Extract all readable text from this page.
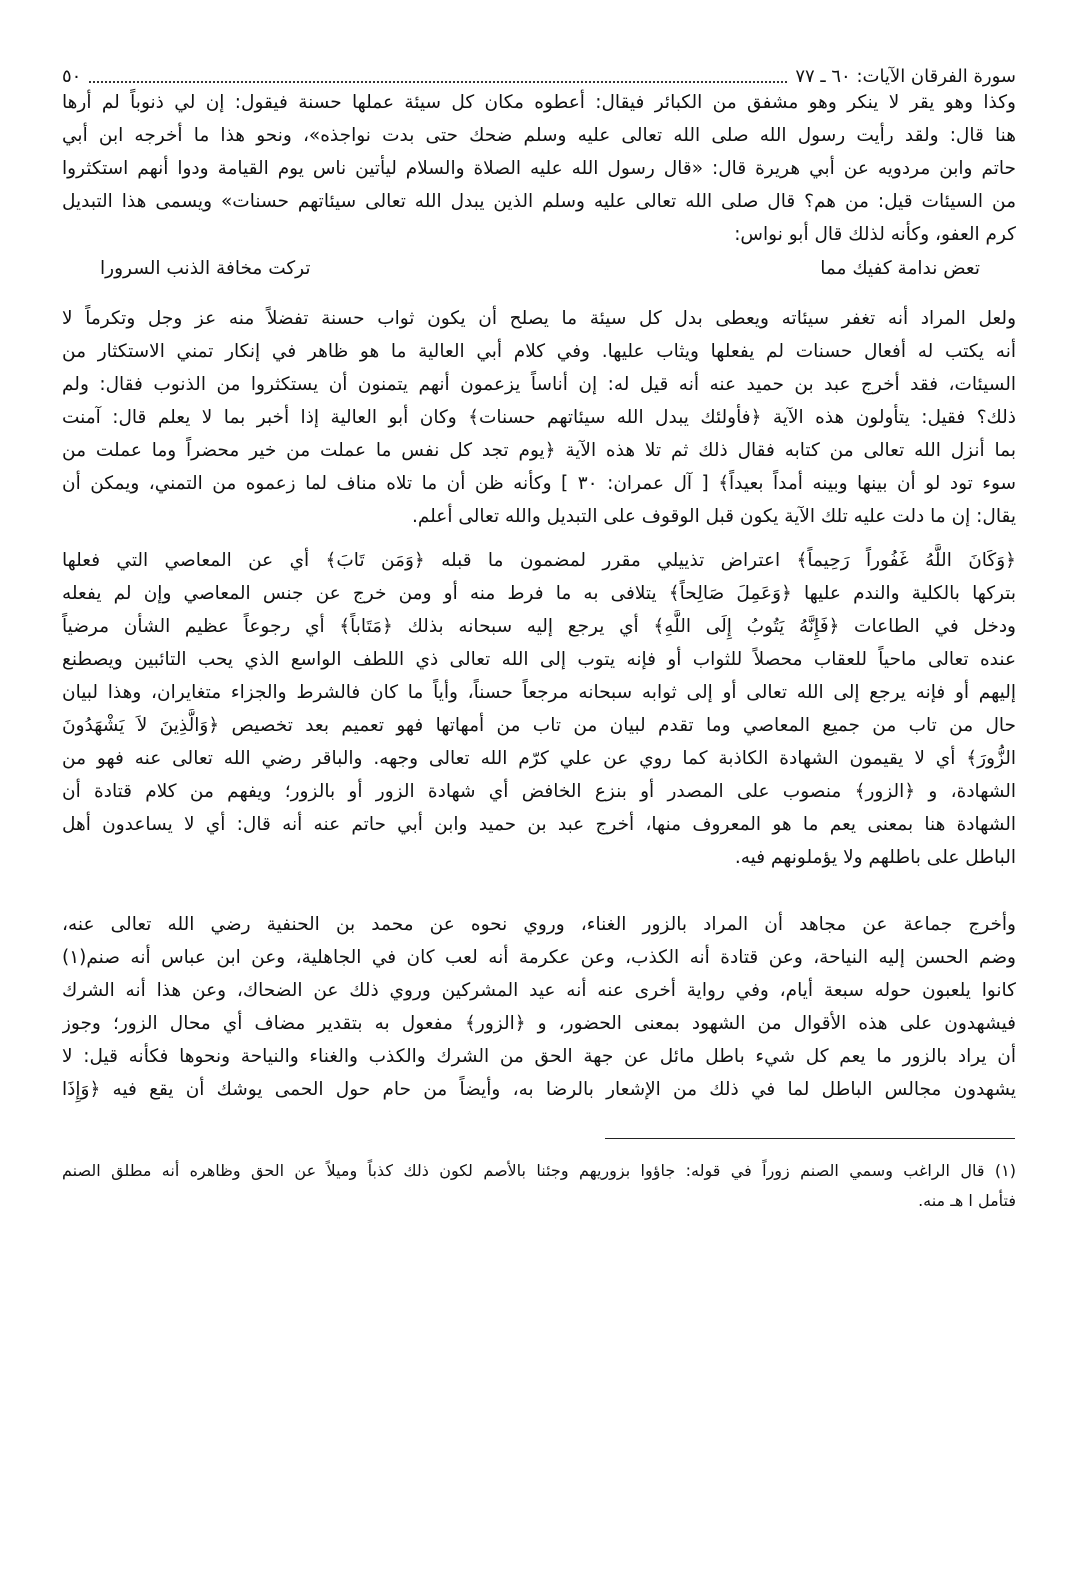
سورة الفرقان الآيات: ٦٠ ـ ٧٧
٥٠
وكذا وهو يقر لا ينكر وهو مشفق من الكبائر فيقال: أعطوه مكان كل سيئة عملها حسنة فيقول: إن لي ذنوباً لم أرها
هنا قال: ولقد رأيت رسول الله صلى الله تعالى عليه وسلم ضحك حتى بدت نواجذه»، ونحو هذا ما أخرجه ابن أبي
حاتم وابن مردويه عن أبي هريرة قال: «قال رسول الله عليه الصلاة والسلام ليأتين ناس يوم القيامة ودوا أنهم استكثروا
من السيئات قيل: من هم؟ قال صلى الله تعالى عليه وسلم الذين يبدل الله تعالى سيئاتهم حسنات» ويسمى هذا التبديل
كرم العفو، وكأنه لذلك قال أبو نواس:
تعض ندامة كفيك مما
تركت مخافة الذنب السرورا
ولعل المراد أنه تغفر سيئاته ويعطى بدل كل سيئة ما يصلح أن يكون ثواب حسنة تفضلاً منه عز وجل وتكرماً لا
أنه يكتب له أفعال حسنات لم يفعلها ويثاب عليها. وفي كلام أبي العالية ما هو ظاهر في إنكار تمني الاستكثار من
السيئات، فقد أخرج عبد بن حميد عنه أنه قيل له: إن أناساً يزعمون أنهم يتمنون أن يستكثروا من الذنوب فقال: ولم
ذلك؟ فقيل: يتأولون هذه الآية ﴿فأولئك يبدل الله سيئاتهم حسنات﴾ وكان أبو العالية إذا أخبر بما لا يعلم قال: آمنت
بما أنزل الله تعالى من كتابه فقال ذلك ثم تلا هذه الآية ﴿يوم تجد كل نفس ما عملت من خير محضراً وما عملت من
سوء تود لو أن بينها وبينه أمداً بعيداً﴾ [ آل عمران: ٣٠ ] وكأنه ظن أن ما تلاه مناف لما زعموه من التمني، ويمكن أن
يقال: إن ما دلت عليه تلك الآية يكون قبل الوقوف على التبديل والله تعالى أعلم.
﴿وَكَانَ اللَّهُ غَفُوراً رَحِيماً﴾ اعتراض تذييلي مقرر لمضمون ما قبله ﴿وَمَن تَابَ﴾ أي عن المعاصي التي فعلها
بتركها بالكلية والندم عليها ﴿وَعَمِلَ صَالِحاً﴾ يتلافى به ما فرط منه أو ومن خرج عن جنس المعاصي وإن لم يفعله
ودخل في الطاعات ﴿فَإِنَّهُ يَتُوبُ إِلَى اللَّهِ﴾ أي يرجع إليه سبحانه بذلك ﴿مَتَاباً﴾ أي رجوعاً عظيم الشأن مرضياً
عنده تعالى ماحياً للعقاب محصلاً للثواب أو فإنه يتوب إلى الله تعالى ذي اللطف الواسع الذي يحب التائبين ويصطنع
إليهم أو فإنه يرجع إلى الله تعالى أو إلى ثوابه سبحانه مرجعاً حسناً، وأياً ما كان فالشرط والجزاء متغايران، وهذا لبيان
حال من تاب من جميع المعاصي وما تقدم لبيان من تاب من أمهاتها فهو تعميم بعد تخصيص ﴿وَالَّذِينَ لاَ يَشْهَدُونَ
الزُّورَ﴾ أي لا يقيمون الشهادة الكاذبة كما روي عن علي كرّم الله تعالى وجهه. والباقر رضي الله تعالى عنه فهو من
الشهادة، و ﴿الزور﴾ منصوب على المصدر أو بنزع الخافض أي شهادة الزور أو بالزور؛ ويفهم من كلام قتادة أن
الشهادة هنا بمعنى يعم ما هو المعروف منها، أخرج عبد بن حميد وابن أبي حاتم عنه أنه قال: أي لا يساعدون أهل
الباطل على باطلهم ولا يؤملونهم فيه.
وأخرج جماعة عن مجاهد أن المراد بالزور الغناء، وروي نحوه عن محمد بن الحنفية رضي الله تعالى عنه،
وضم الحسن إليه النياحة، وعن قتادة أنه الكذب، وعن عكرمة أنه لعب كان في الجاهلية، وعن ابن عباس أنه صنم(١)
كانوا يلعبون حوله سبعة أيام، وفي رواية أخرى عنه أنه عيد المشركين وروي ذلك عن الضحاك، وعن هذا أنه الشرك
فيشهدون على هذه الأقوال من الشهود بمعنى الحضور، و ﴿الزور﴾ مفعول به بتقدير مضاف أي محال الزور؛ وجوز
أن يراد بالزور ما يعم كل شيء باطل مائل عن جهة الحق من الشرك والكذب والغناء والنياحة ونحوها فكأنه قيل: لا
يشهدون مجالس الباطل لما في ذلك من الإشعار بالرضا به، وأيضاً من حام حول الحمى يوشك أن يقع فيه ﴿وَإِذَا
(١) قال الراغب وسمي الصنم زوراً في قوله: جاؤوا بزوريهم وجئنا بالأصم لكون ذلك كذباً وميلاً عن الحق وظاهره أنه مطلق الصنم
فتأمل ا هـ منه.
